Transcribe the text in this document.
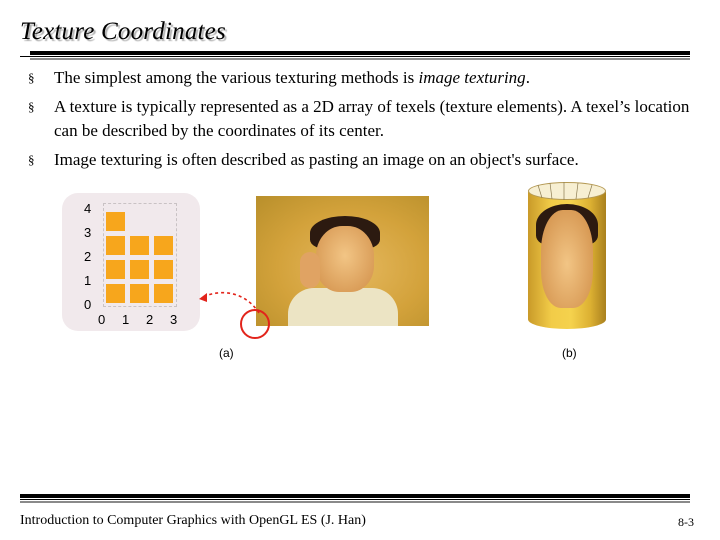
Texture Coordinates
§ The simplest among the various texturing methods is image texturing.
§ A texture is typically represented as a 2D array of texels (texture elements). A texel’s location can be described by the coordinates of its center.
§ Image texturing is often described as pasting an image on an object's surface.
4
3
2
1
0
0 1 2 3
(a)	(b)
Introduction to Computer Graphics with OpenGL ES (J. Han)	8-3
